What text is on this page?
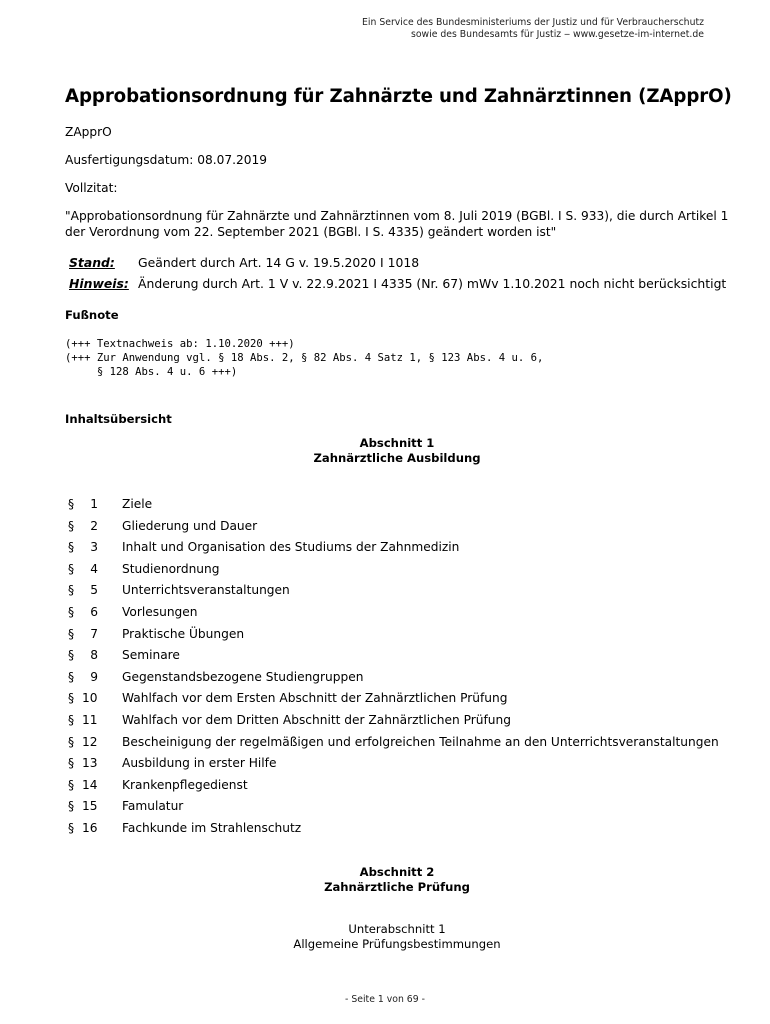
Ein Service des Bundesministeriums der Justiz und für Verbraucherschutz
sowie des Bundesamts für Justiz ‒ www.gesetze-im-internet.de
Approbationsordnung für Zahnärzte und Zahnärztinnen (ZApprO)

ZApprO

Ausfertigungsdatum: 08.07.2019

Vollzitat:

"Approbationsordnung für Zahnärzte und Zahnärztinnen vom 8. Juli 2019 (BGBl. I S. 933), die durch Artikel 1 der Verordnung vom 22. September 2021 (BGBl. I S. 4335) geändert worden ist"

Stand: Geändert durch Art. 14 G v. 19.5.2020 I 1018
Hinweis: Änderung durch Art. 1 V v. 22.9.2021 I 4335 (Nr. 67) mWv 1.10.2021 noch nicht berücksichtigt
Fußnote
(+++ Textnachweis ab: 1.10.2020 +++)
(+++ Zur Anwendung vgl. § 18 Abs. 2, § 82 Abs. 4 Satz 1, § 123 Abs. 4 u. 6,
§ 128 Abs. 4 u. 6 +++)
Inhaltsübersicht
Abschnitt 1
Zahnärztliche Ausbildung
§	1 Ziele
§	2 Gliederung und Dauer
§	3 Inhalt und Organisation des Studiums der Zahnmedizin
§	4 Studienordnung
§	5 Unterrichtsveranstaltungen
§	6 Vorlesungen
§	7 Praktische Übungen
§	8 Seminare
§	9 Gegenstandsbezogene Studiengruppen
§ 10 Wahlfach vor dem Ersten Abschnitt der Zahnärztlichen Prüfung
§ 11 Wahlfach vor dem Dritten Abschnitt der Zahnärztlichen Prüfung
§ 12 Bescheinigung der regelmäßigen und erfolgreichen Teilnahme an den Unterrichtsveranstaltungen
§ 13 Ausbildung in erster Hilfe
§ 14 Krankenpflegedienst
§ 15 Famulatur
§ 16 Fachkunde im Strahlenschutz
Abschnitt 2
Zahnärztliche Prüfung
Unterabschnitt 1
Allgemeine Prüfungsbestimmungen
- Seite 1 von 69 -
